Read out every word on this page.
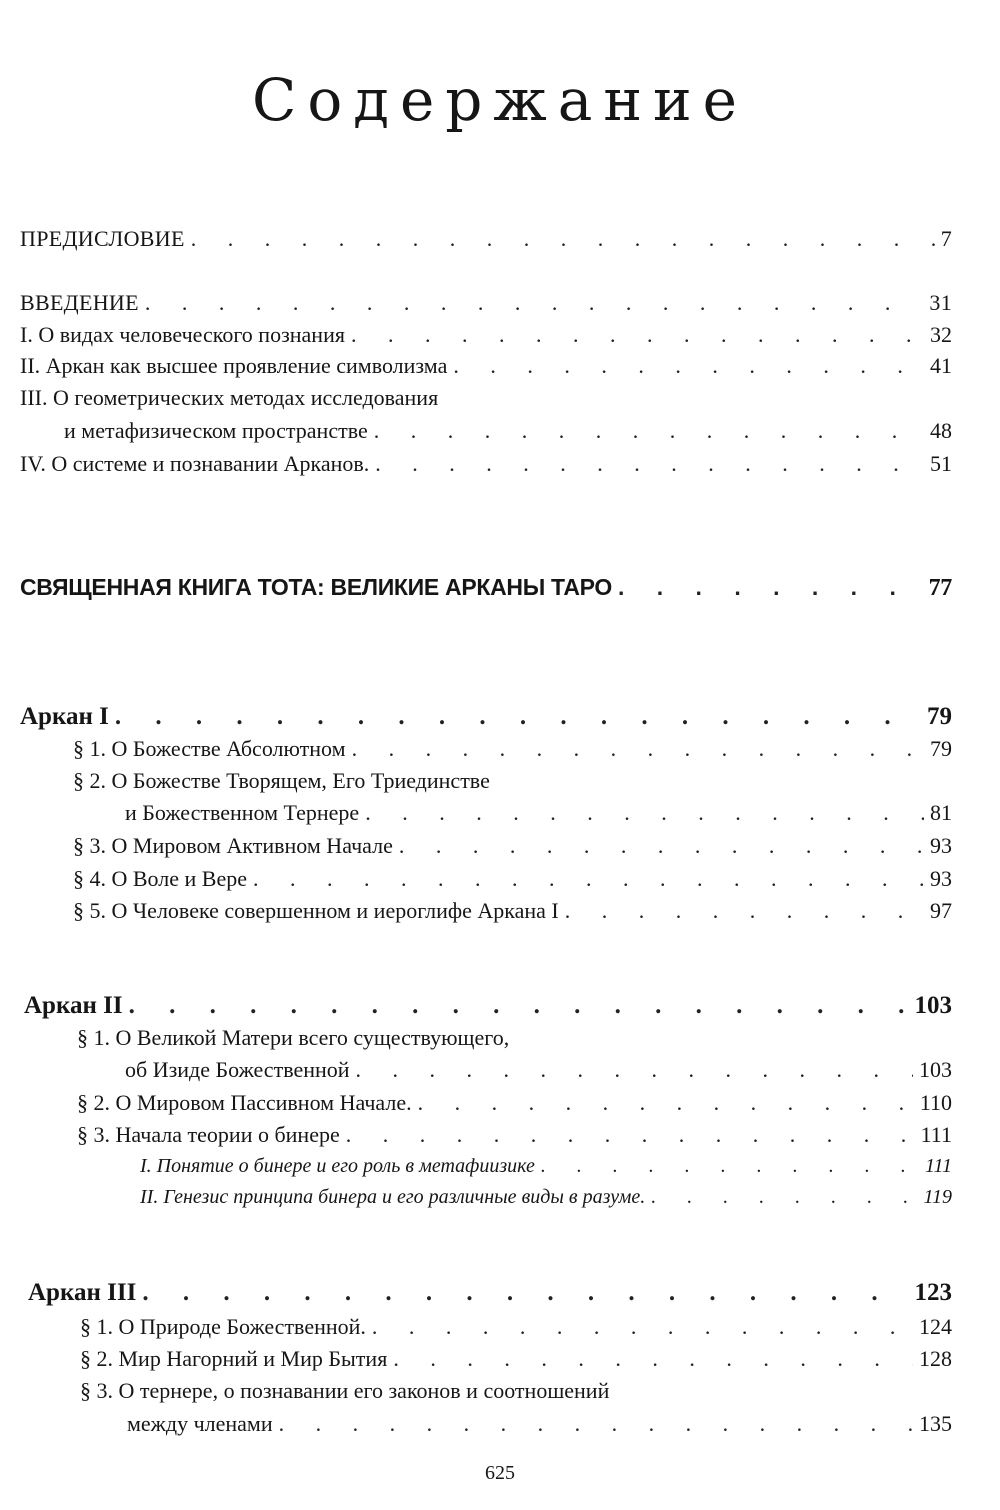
Содержание
ПРЕДИСЛОВИЕ . . .	7
ВВЕДЕНИЕ . . .	31
I. О видах человеческого познания . . .	32
II. Аркан как высшее проявление символизма . . .	41
III. О геометрических методах исследования
и метафизическом пространстве . . .	48
IV. О системе и познавании Арканов. . . .	51
СВЯЩЕННАЯ КНИГА ТОТА: ВЕЛИКИЕ АРКАНЫ ТАРО . . .	77
Аркан I . . .	79
§ 1. О Божестве Абсолютном . . .	79
§ 2. О Божестве Творящем, Его Триединстве
и Божественном Тернере . . .	81
§ 3. О Мировом Активном Начале . . .	93
§ 4. О Воле и Вере . . .	93
§ 5. О Человеке совершенном и иероглифе Аркана I . . .	97
Аркан II . . .	103
§ 1. О Великой Матери всего существующего,
об Изиде Божественной . . .	103
§ 2. О Мировом Пассивном Начале. . . .	110
§ 3. Начала теории о бинере . . .	111
I. Понятие о бинере и его роль в метафиизике . . .	111
II. Генезис принципа бинера и его различные виды в разуме. . . .	119
Аркан III . . .	123
§ 1. О Природе Божественной. . . .	124
§ 2. Мир Нагорний и Мир Бытия . . .	128
§ 3. О тернере, о познавании его законов и соотношений
между членами . . .	135
625
